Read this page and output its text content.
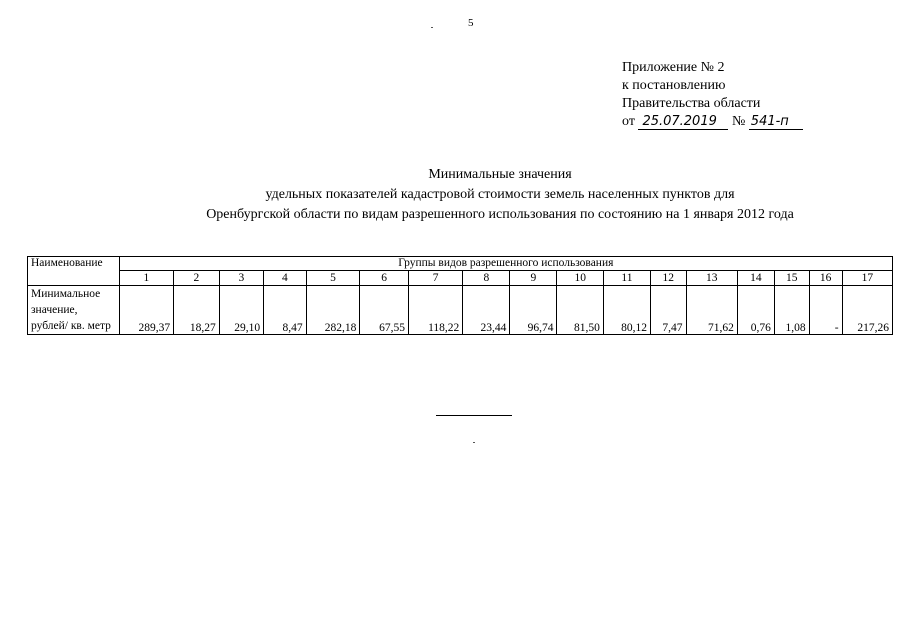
5
Приложение № 2
к постановлению
Правительства области
от 25.07.2019 № 541-п
Минимальные значения
удельных показателей кадастровой стоимости земель населенных пунктов для
Оренбургской области по видам разрешенного использования по состоянию на 1 января 2012 года
Наименование	Группы видов разрешенного использования																
	1	2	3	4	5	6	7	8	9	10	11	12	13	14	15	16	17
Минимальное значение, рублей/ кв. метр	289,37	18,27	29,10	8,47	282,18	67,55	118,22	23,44	96,74	81,50	80,12	7,47	71,62	0,76	1,08	-	217,26
